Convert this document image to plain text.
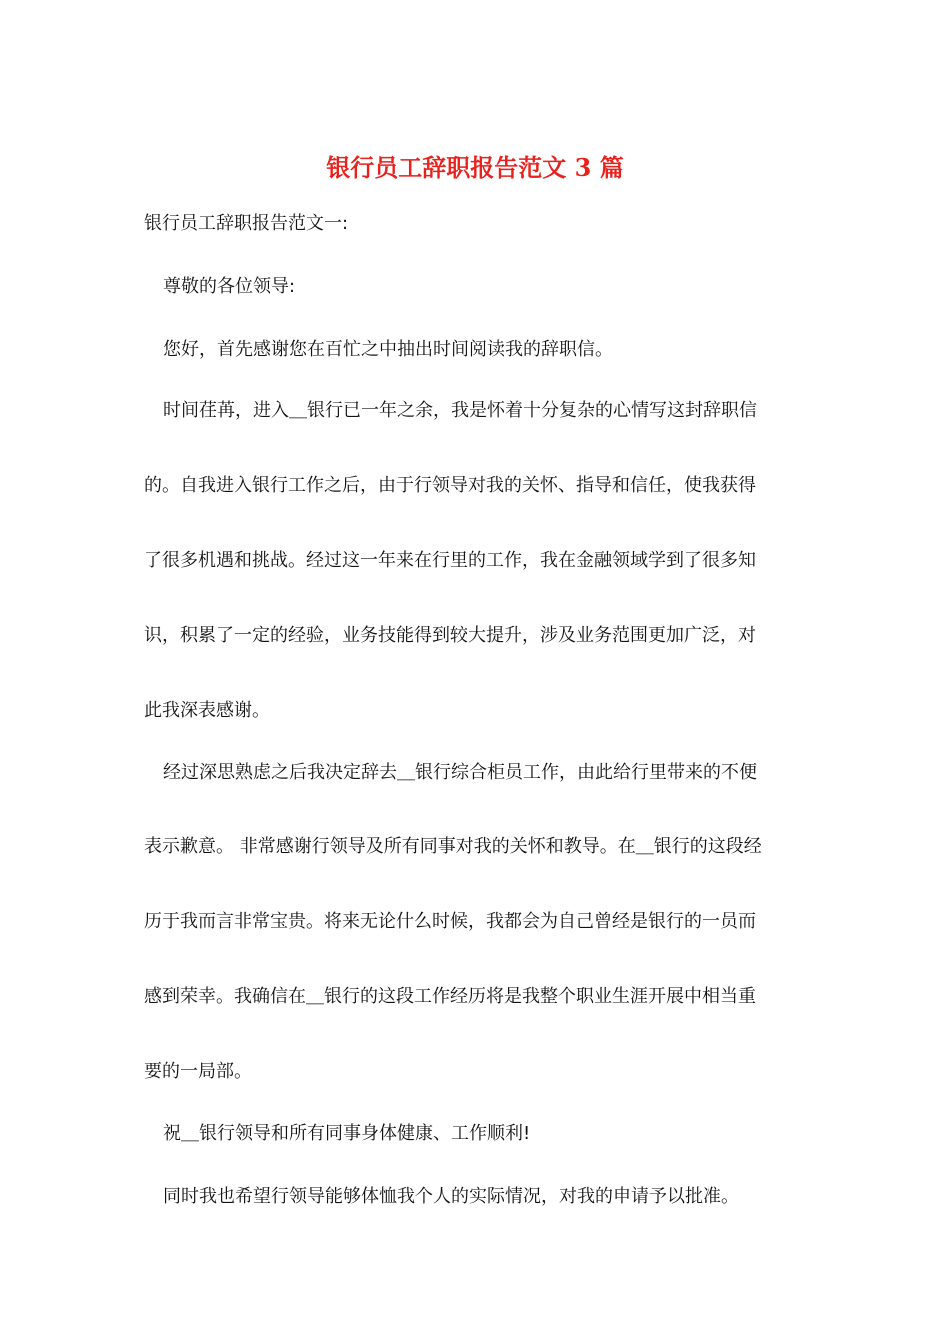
银行员工辞职报告范文 3 篇
银行员工辞职报告范文一:
尊敬的各位领导:
您好，首先感谢您在百忙之中抽出时间阅读我的辞职信。
时间荏苒，进入＿银行已一年之余，我是怀着十分复杂的心情写这封辞职信
的。自我进入银行工作之后，由于行领导对我的关怀、指导和信任，使我获得
了很多机遇和挑战。经过这一年来在行里的工作，我在金融领域学到了很多知
识，积累了一定的经验，业务技能得到较大提升，涉及业务范围更加广泛，对
此我深表感谢。
经过深思熟虑之后我决定辞去＿银行综合柜员工作，由此给行里带来的不便
表示歉意。 非常感谢行领导及所有同事对我的关怀和教导。在＿银行的这段经
历于我而言非常宝贵。将来无论什么时候，我都会为自己曾经是银行的一员而
感到荣幸。我确信在＿银行的这段工作经历将是我整个职业生涯开展中相当重
要的一局部。
祝＿银行领导和所有同事身体健康、工作顺利!
同时我也希望行领导能够体恤我个人的实际情况，对我的申请予以批准。
